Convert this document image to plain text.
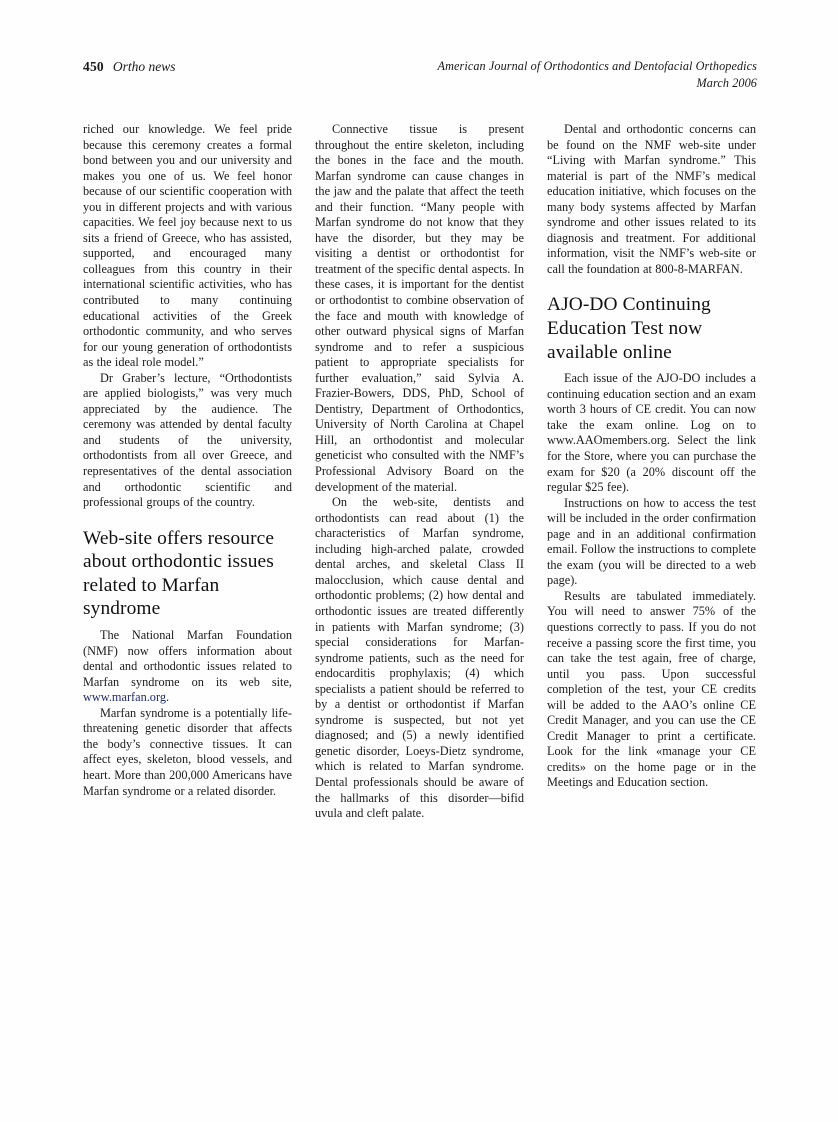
450 Ortho news	American Journal of Orthodontics and Dentofacial Orthopedics
March 2006

riched our knowledge. We feel pride because this ceremony creates a formal bond between you and our university and makes you one of us. We feel honor because of our scientific cooperation with you in different projects and with various capacities. We feel joy because next to us sits a friend of Greece, who has assisted, supported, and encouraged many colleagues from this country in their international scientific activities, who has contributed to many continuing educational activities of the Greek orthodontic community, and who serves for our young generation of orthodontists as the ideal role model.”

Dr Graber’s lecture, “Orthodontists are applied biologists,” was very much appreciated by the audience. The ceremony was attended by dental faculty and students of the university, orthodontists from all over Greece, and representatives of the dental association and orthodontic scientific and professional groups of the country.

Web-site offers resource about orthodontic issues related to Marfan syndrome

The National Marfan Foundation (NMF) now offers information about dental and orthodontic issues related to Marfan syndrome on its web site, www.marfan.org.

Marfan syndrome is a potentially life-threatening genetic disorder that affects the body’s connective tissues. It can affect eyes, skeleton, blood vessels, and heart. More than 200,000 Americans have Marfan syndrome or a related disorder.

Connective tissue is present throughout the entire skeleton, including the bones in the face and the mouth. Marfan syndrome can cause changes in the jaw and the palate that affect the teeth and their function. “Many people with Marfan syndrome do not know that they have the disorder, but they may be visiting a dentist or orthodontist for treatment of the specific dental aspects. In these cases, it is important for the dentist or orthodontist to combine observation of the face and mouth with knowledge of other outward physical signs of Marfan syndrome and to refer a suspicious patient to appropriate specialists for further evaluation,” said Sylvia A. Frazier-Bowers, DDS, PhD, School of Dentistry, Department of Orthodontics, University of North Carolina at Chapel Hill, an orthodontist and molecular geneticist who consulted with the NMF’s Professional Advisory Board on the development of the material.

On the web-site, dentists and orthodontists can read about (1) the characteristics of Marfan syndrome, including high-arched palate, crowded dental arches, and skeletal Class II malocclusion, which cause dental and orthodontic problems; (2) how dental and orthodontic issues are treated differently in patients with Marfan syndrome; (3) special considerations for Marfan-syndrome patients, such as the need for endocarditis prophylaxis; (4) which specialists a patient should be referred to by a dentist or orthodontist if Marfan syndrome is suspected, but not yet diagnosed; and (5) a newly identified genetic disorder, Loeys-Dietz syndrome, which is related to Marfan syndrome. Dental professionals should be aware of the hallmarks of this disorder—bifid uvula and cleft palate.

Dental and orthodontic concerns can be found on the NMF web-site under “Living with Marfan syndrome.” This material is part of the NMF’s medical education initiative, which focuses on the many body systems affected by Marfan syndrome and other issues related to its diagnosis and treatment. For additional information, visit the NMF’s web-site or call the foundation at 800-8-MARFAN.

AJO-DO Continuing Education Test now available online

Each issue of the AJO-DO includes a continuing education section and an exam worth 3 hours of CE credit. You can now take the exam online. Log on to www.AAOmembers.org. Select the link for the Store, where you can purchase the exam for $20 (a 20% discount off the regular $25 fee).

Instructions on how to access the test will be included in the order confirmation page and in an additional confirmation email. Follow the instructions to complete the exam (you will be directed to a web page).

Results are tabulated immediately. You will need to answer 75% of the questions correctly to pass. If you do not receive a passing score the first time, you can take the test again, free of charge, until you pass. Upon successful completion of the test, your CE credits will be added to the AAO’s online CE Credit Manager, and you can use the CE Credit Manager to print a certificate. Look for the link «manage your CE credits» on the home page or in the Meetings and Education section.
